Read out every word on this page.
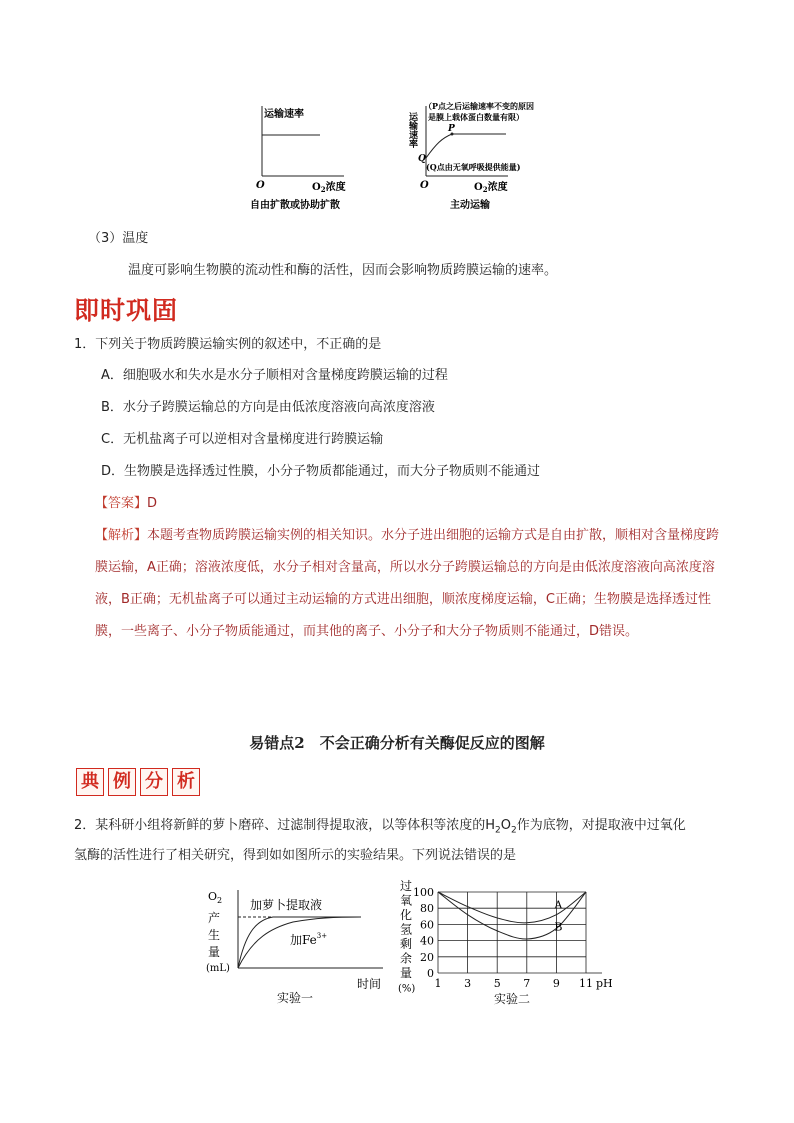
运输速率
O	$O_2$浓度
自由扩散或协助扩散
运输速率
（P点之后运输速率不变的原因
是膜上载体蛋白数量有限）
P
Q
(Q点由无氧呼吸提供能量)
O	$O_2$浓度
主动运输
（3）温度
温度可影响生物膜的流动性和酶的活性，因而会影响物质跨膜运输的速率。
即时巩固
1．下列关于物质跨膜运输实例的叙述中，不正确的是
A．细胞吸水和失水是水分子顺相对含量梯度跨膜运输的过程
B．水分子跨膜运输总的方向是由低浓度溶液向高浓度溶液
C．无机盐离子可以逆相对含量梯度进行跨膜运输
D．生物膜是选择透过性膜，小分子物质都能通过，而大分子物质则不能通过
【答案】D
【解析】本题考查物质跨膜运输实例的相关知识。水分子进出细胞的运输方式是自由扩散，顺相对含量梯度跨膜运输，A正确；溶液浓度低，水分子相对含量高，所以水分子跨膜运输总的方向是由低浓度溶液向高浓度溶液，B正确；无机盐离子可以通过主动运输的方式进出细胞，顺浓度梯度运输，C正确；生物膜是选择透过性膜，一些离子、小分子物质能通过，而其他的离子、小分子和大分子物质则不能通过，D错误。
易错点2　不会正确分析有关酶促反应的图解
典 例 分 析
2．某科研小组将新鲜的萝卜磨碎、过滤制得提取液，以等体积等浓度的$H_2O_2$作为底物，对提取液中过氧化
氢酶的活性进行了相关研究，得到如如图所示的实验结果。下列说法错误的是
$O_2$
产
生
量
(mL)
加萝卜提取液
加$Fe^{3+}$
时间
实验一
过
氧
化
氢
剩
余
量
(%)
A
B
0
20
40
60
80
100
1 3 5 7 9 11 pH
实验二
